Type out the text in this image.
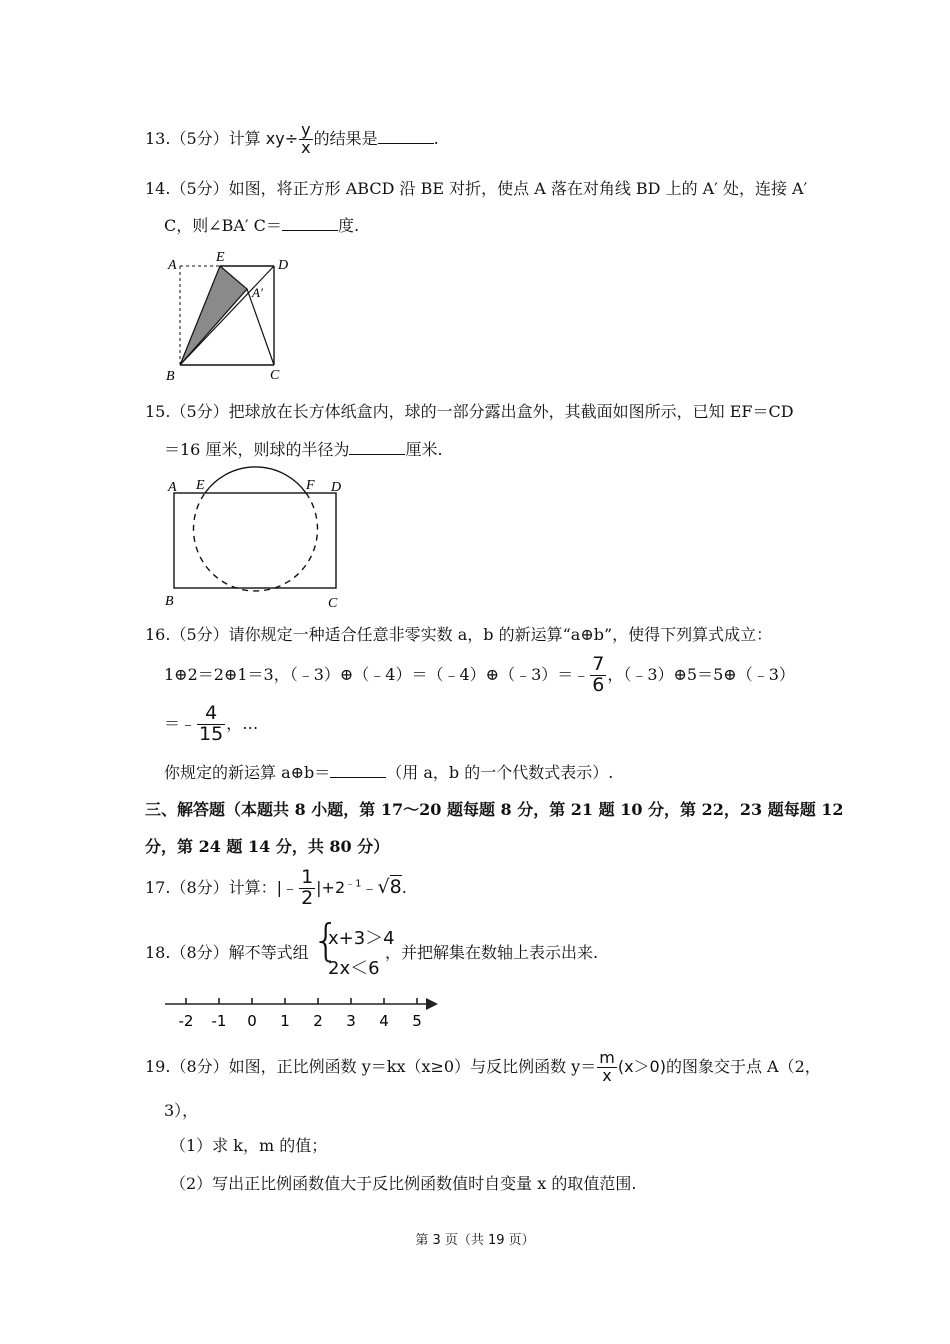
13.（5分）计算 $xy\div \frac{y}{x}$ 的结果是	.
14.（5分）如图，将正方形 ABCD 沿 BE 对折，使点 A 落在对角线 BD 上的 A′ 处，连接 A′
C，则∠BA′ C＝	度.
A
E
D
A′
B	C
15.（5分）把球放在长方体纸盒内，球的一部分露出盒外，其截面如图所示，已知 EF＝CD
＝16 厘米，则球的半径为	厘米.
A E	F D
B	C
16.（5分）请你规定一种适合任意非零实数 a，b 的新运算“a⊕b”，使得下列算式成立：
1⊕2＝2⊕1＝3，（﹣3）⊕（﹣4）＝（﹣4）⊕（﹣3）＝﹣ $\frac{7}{6}$ ，（﹣3）⊕5＝5⊕（﹣3）
＝﹣ $\frac{4}{15}$ ，…
你规定的新运算 a⊕b＝	（用 a，b 的一个代数式表示）.
三、解答题（本题共 8 小题，第 17～20 题每题 8 分，第 21 题 10 分，第 22，23 题每题 12
分，第 24 题 14 分，共 80 分）
17.（8分）计算：|﹣ $\frac{1}{2}$ $|+2^{﹣1}﹣√8$.
18.（8分）解不等式组 {
x+3＞4
2x＜6
，并把解集在数轴上表示出来.
-2 -1 0 1 2 3 4 5
19.（8分）如图，正比例函数 y＝kx（x≥0）与反比例函数 $y= \frac{m}{x} (x>0)$的图象交于点 A（2，
3），
（1）求 k，m 的值；
（2）写出正比例函数值大于反比例函数值时自变量 x 的取值范围.
第 3 页（共 19 页）
